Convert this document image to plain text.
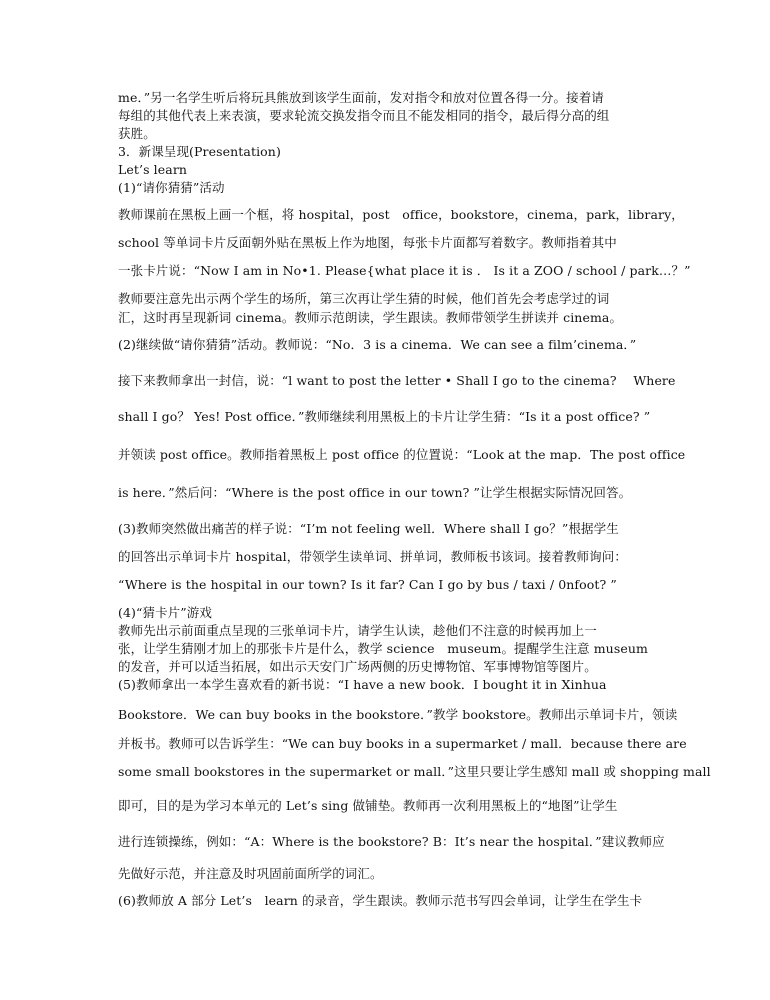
me．”另一名学生听后将玩具熊放到该学生面前，发对指令和放对位置各得一分。接着请
每组的其他代表上来表演，要求轮流交换发指令而且不能发相同的指令，最后得分高的组
获胜。
3．新课呈现(Presentation)
Let’s learn
(1)“请你猜猜”活动
教师课前在黑板上画一个框，将 hospital，post　office，bookstore，cinema，park，library，
school 等单词卡片反面朝外贴在黑板上作为地图，每张卡片面都写着数字。教师指着其中
一张卡片说：“Now I am in No•1. Please{what place it is ． Is it a ZOO / school / park…？”
教师要注意先出示两个学生的场所，第三次再让学生猜的时候，他们首先会考虑学过的词
汇，这时再呈现新词 cinema。教师示范朗读，学生跟读。教师带领学生拼读并 cinema。
(2)继续做“请你猜猜”活动。教师说：“No．3 is a cinema．We can see a film’cinema．”
接下来教师拿出一封信，说：“l want to post the letter • Shall I go to the cinema?　 Where
shall I go？ Yes! Post office．”教师继续利用黑板上的卡片让学生猜：“Is it a post office? ”
并领读 post office。教师指着黑板上 post office 的位置说：“Look at the map．The post office
is here．”然后问：“Where is the post office in our town? ”让学生根据实际情况回答。
(3)教师突然做出痛苦的样子说：“I’m not feeling well．Where shall I go？”根据学生
的回答出示单词卡片 hospital，带领学生读单词、拼单词，教师板书该词。接着教师询问：
“Where is the hospital in our town? Is it far? Can I go by bus / taxi / 0nfoot? ”
(4)“猜卡片”游戏
教师先出示前面重点呈现的三张单词卡片，请学生认读，趁他们不注意的时候再加上一
张，让学生猜刚才加上的那张卡片是什么，教学 science　museum。提醒学生注意 museum
的发音，并可以适当拓展，如出示天安门广场两侧的历史博物馆、军事博物馆等图片。
(5)教师拿出一本学生喜欢看的新书说：“I have a new book．I bought it in Xinhua
Bookstore．We can buy books in the bookstore．”教学 bookstore。教师出示单词卡片，领读
并板书。教师可以告诉学生：“We can buy books in a supermarket / mall．because there are
some small bookstores in the supermarket or mall．”这里只要让学生感知 mall 或 shopping mall
即可，目的是为学习本单元的 Let’s sing 做铺垫。教师再一次利用黑板上的“地图”让学生
进行连锁操练，例如：“A：Where is the bookstore? B：It’s near the hospital．”建议教师应
先做好示范，并注意及时巩固前面所学的词汇。
(6)教师放 A 部分 Let’s　learn 的录音，学生跟读。教师示范书写四会单词，让学生在学生卡
